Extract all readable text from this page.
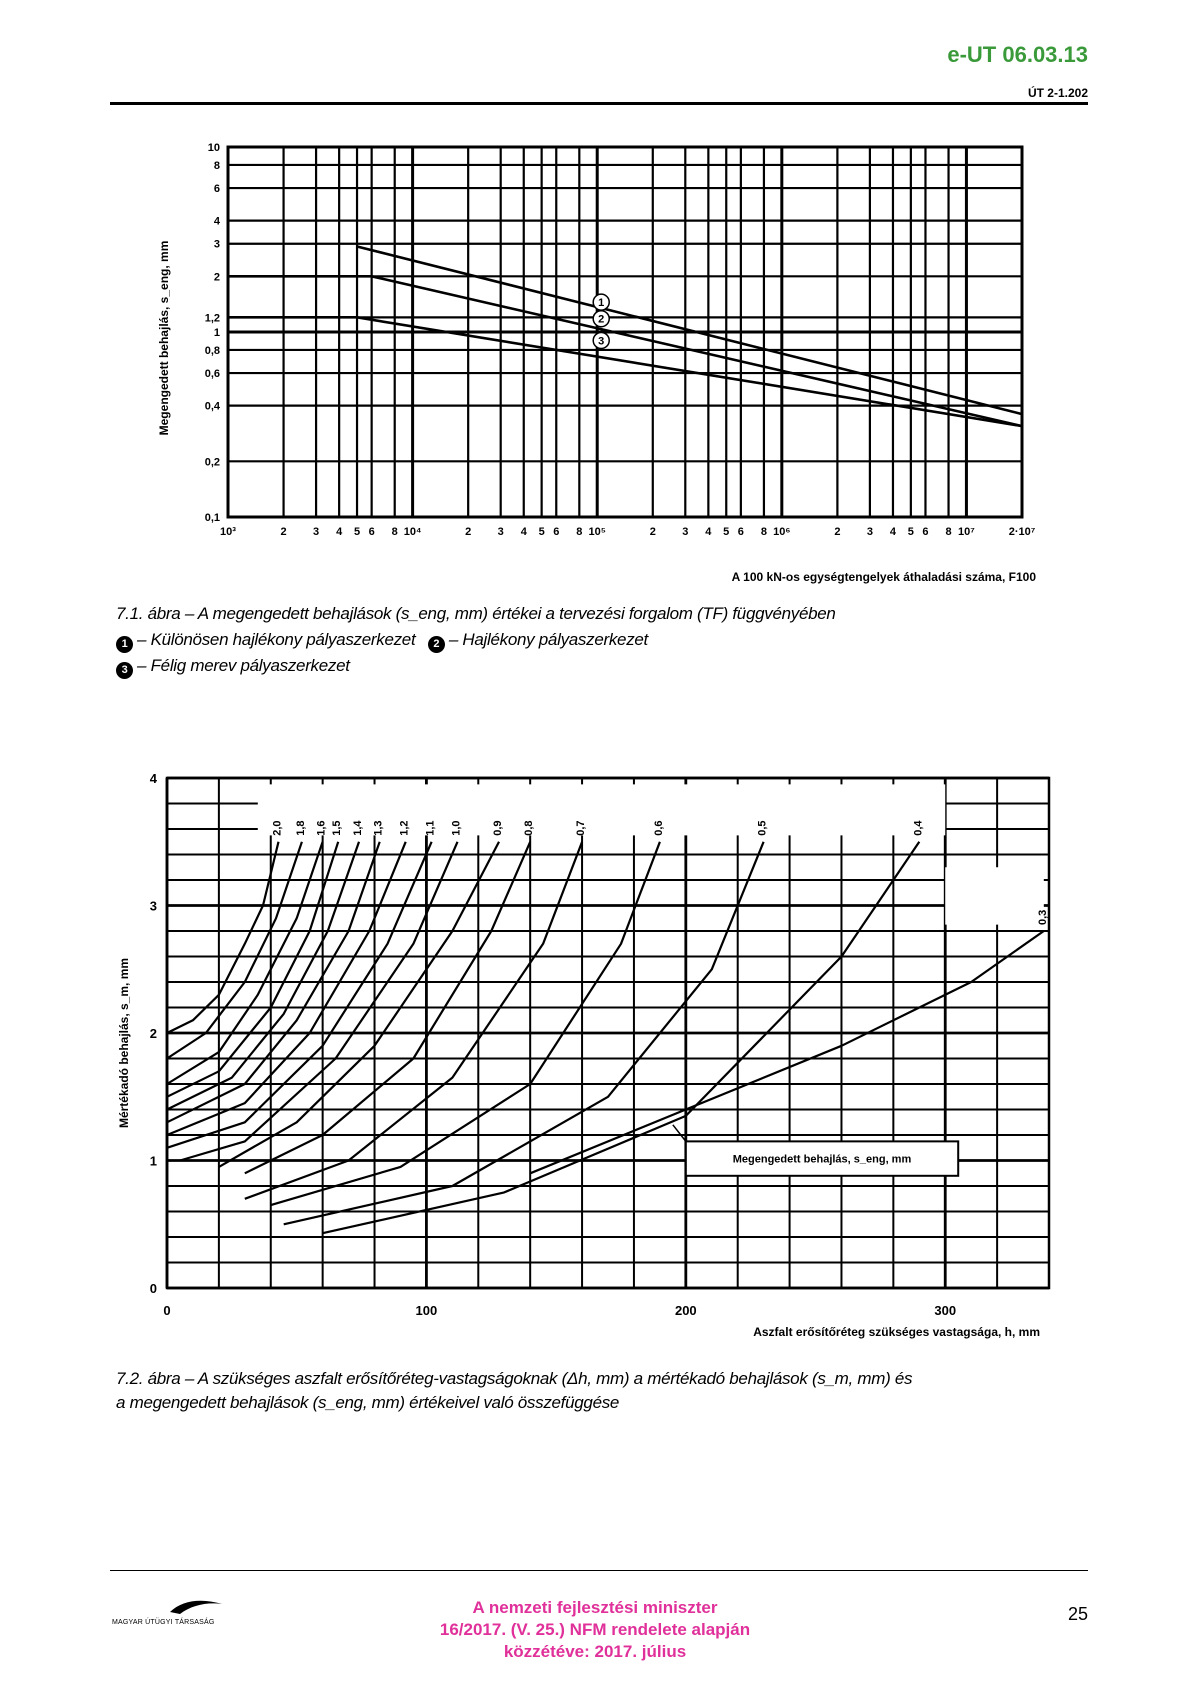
e-UT 06.03.13
ÚT 2-1.202
0,1
0,2
0,4
0,6
0,8
1
1,2
2
3
4
6
8
10
10³	2 3 4 5 6 8 10⁴	2 3 4 5 6 8 10⁵	2 3 4 5 6 8 10⁶	2 3 4 5 6 8 10⁷	2·10⁷
1
2
3
Megengedett behajlás, s_eng, mm
A 100 kN-os egységtengelyek áthaladási száma, F100
7.1. ábra – A megengedett behajlások (s_eng, mm) értékei a tervezési forgalom (TF) függvényében
1 – Különösen hajlékony pályaszerkezet 2 – Hajlékony pályaszerkezet
3 – Félig merev pályaszerkezet
0
1
2
3
4
0	100	200	300
2,0 1,8 1,6 1,5 1,4 1,3 1,2 1,1 1,0	0,9 0,8	0,7	0,6	0,5	0,4
0,3
Megengedett behajlás, s_eng, mm
Mértékadó behajlás, s_m, mm
Aszfalt erősítőréteg szükséges vastagsága, h, mm
7.2. ábra – A szükséges aszfalt erősítőréteg-vastagságoknak (Δh, mm) a mértékadó behajlások (s_m, mm) és
a megengedett behajlások (s_eng, mm) értékeivel való összefüggése
MAGYAR ÚTÜGYI TÁRSASÁG
A nemzeti fejlesztési miniszter
16/2017. (V. 25.) NFM rendelete alapján
közzétéve: 2017. július
25
